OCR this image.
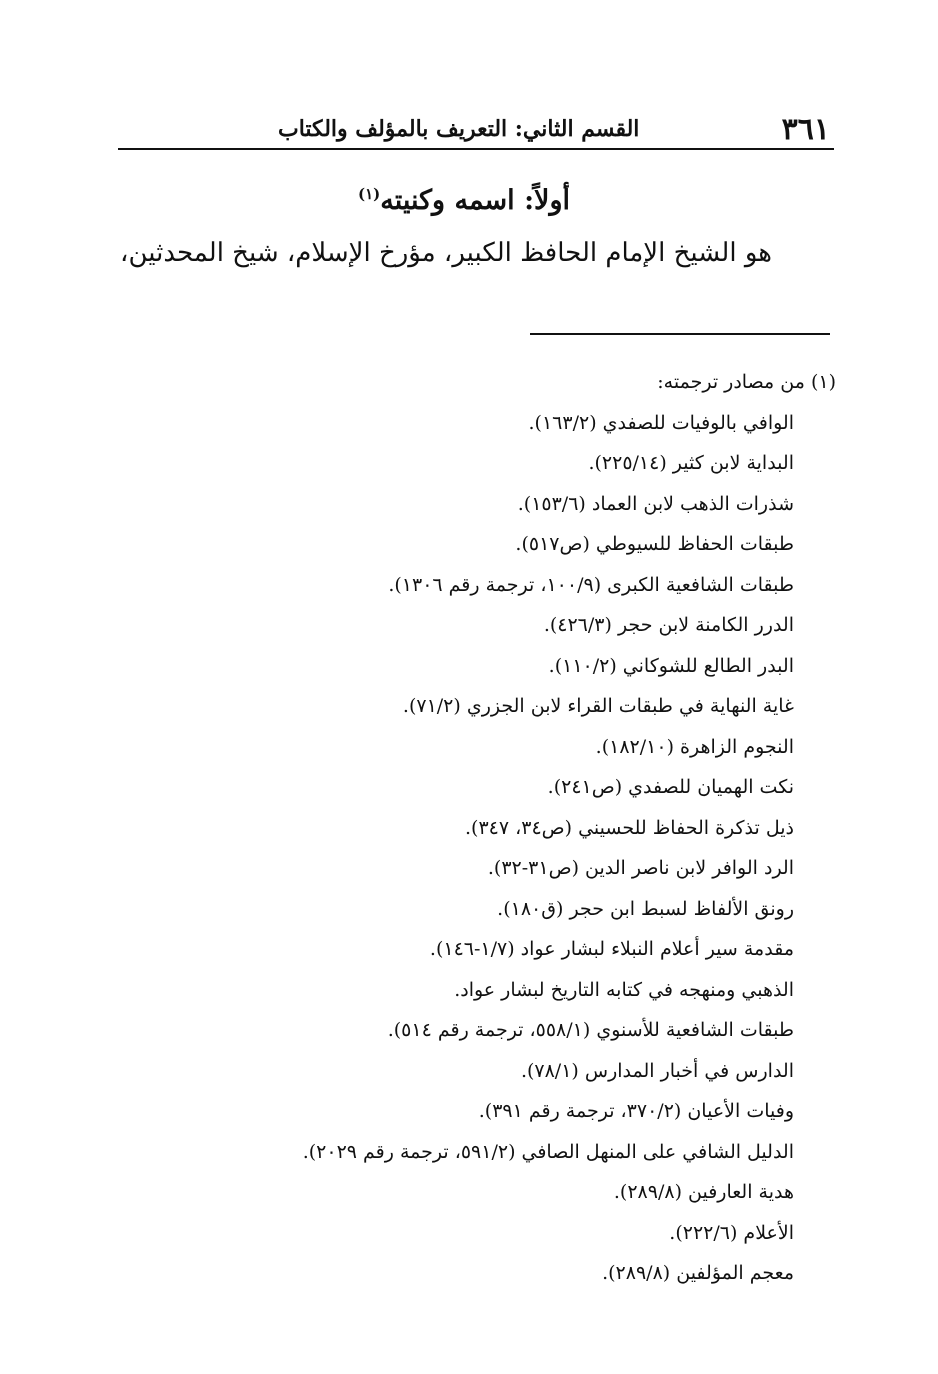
٣٦١
القسم الثاني: التعريف بالمؤلف والكتاب
أولاً: اسمه وكنيته$^{(١)}$
هو الشيخ الإمام الحافظ الكبير، مؤرخ الإسلام، شيخ المحدثين،
(١) من مصادر ترجمته:
الوافي بالوفيات للصفدي (١٦٣/٢).
البداية لابن كثير (٢٢٥/١٤).
شذرات الذهب لابن العماد (١٥٣/٦).
طبقات الحفاظ للسيوطي (ص٥١٧).
طبقات الشافعية الكبرى (١٠٠/٩، ترجمة رقم ١٣٠٦).
الدرر الكامنة لابن حجر (٤٢٦/٣).
البدر الطالع للشوكاني (١١٠/٢).
غاية النهاية في طبقات القراء لابن الجزري (٧١/٢).
النجوم الزاهرة (١٨٢/١٠).
نكت الهميان للصفدي (ص٢٤١).
ذيل تذكرة الحفاظ للحسيني (ص٣٤، ٣٤٧).
الرد الوافر لابن ناصر الدين (ص٣١-٣٢).
رونق الألفاظ لسبط ابن حجر (ق١٨٠).
مقدمة سير أعلام النبلاء لبشار عواد (١/٧-١٤٦).
الذهبي ومنهجه في كتابه التاريخ لبشار عواد.
طبقات الشافعية للأسنوي (٥٥٨/١، ترجمة رقم ٥١٤).
الدارس في أخبار المدارس (٧٨/١).
وفيات الأعيان (٣٧٠/٢، ترجمة رقم ٣٩١).
الدليل الشافي على المنهل الصافي (٥٩١/٢، ترجمة رقم ٢٠٢٩).
هدية العارفين (٢٨٩/٨).
الأعلام (٢٢٢/٦).
معجم المؤلفين (٢٨٩/٨).
